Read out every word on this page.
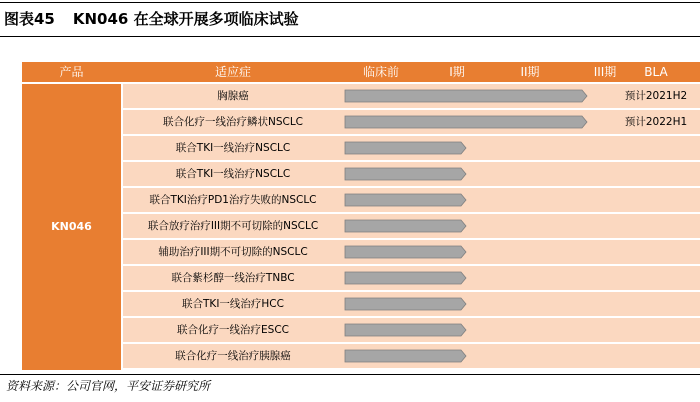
图表45 KN046 在全球开展多项临床试验
产品	适应症	临床前	I期	II期	III期	BLA
KN046
胸腺癌	预计2021H2
联合化疗一线治疗鳞状NSCLC	预计2022H1
联合TKI一线治疗NSCLC
联合TKI一线治疗NSCLC
联合TKI治疗PD1治疗失败的NSCLC
联合放疗治疗III期不可切除的NSCLC
辅助治疗III期不可切除的NSCLC
联合紫杉醇一线治疗TNBC
联合TKI一线治疗HCC
联合化疗一线治疗ESCC
联合化疗一线治疗胰腺癌
资料来源：公司官网，平安证券研究所
